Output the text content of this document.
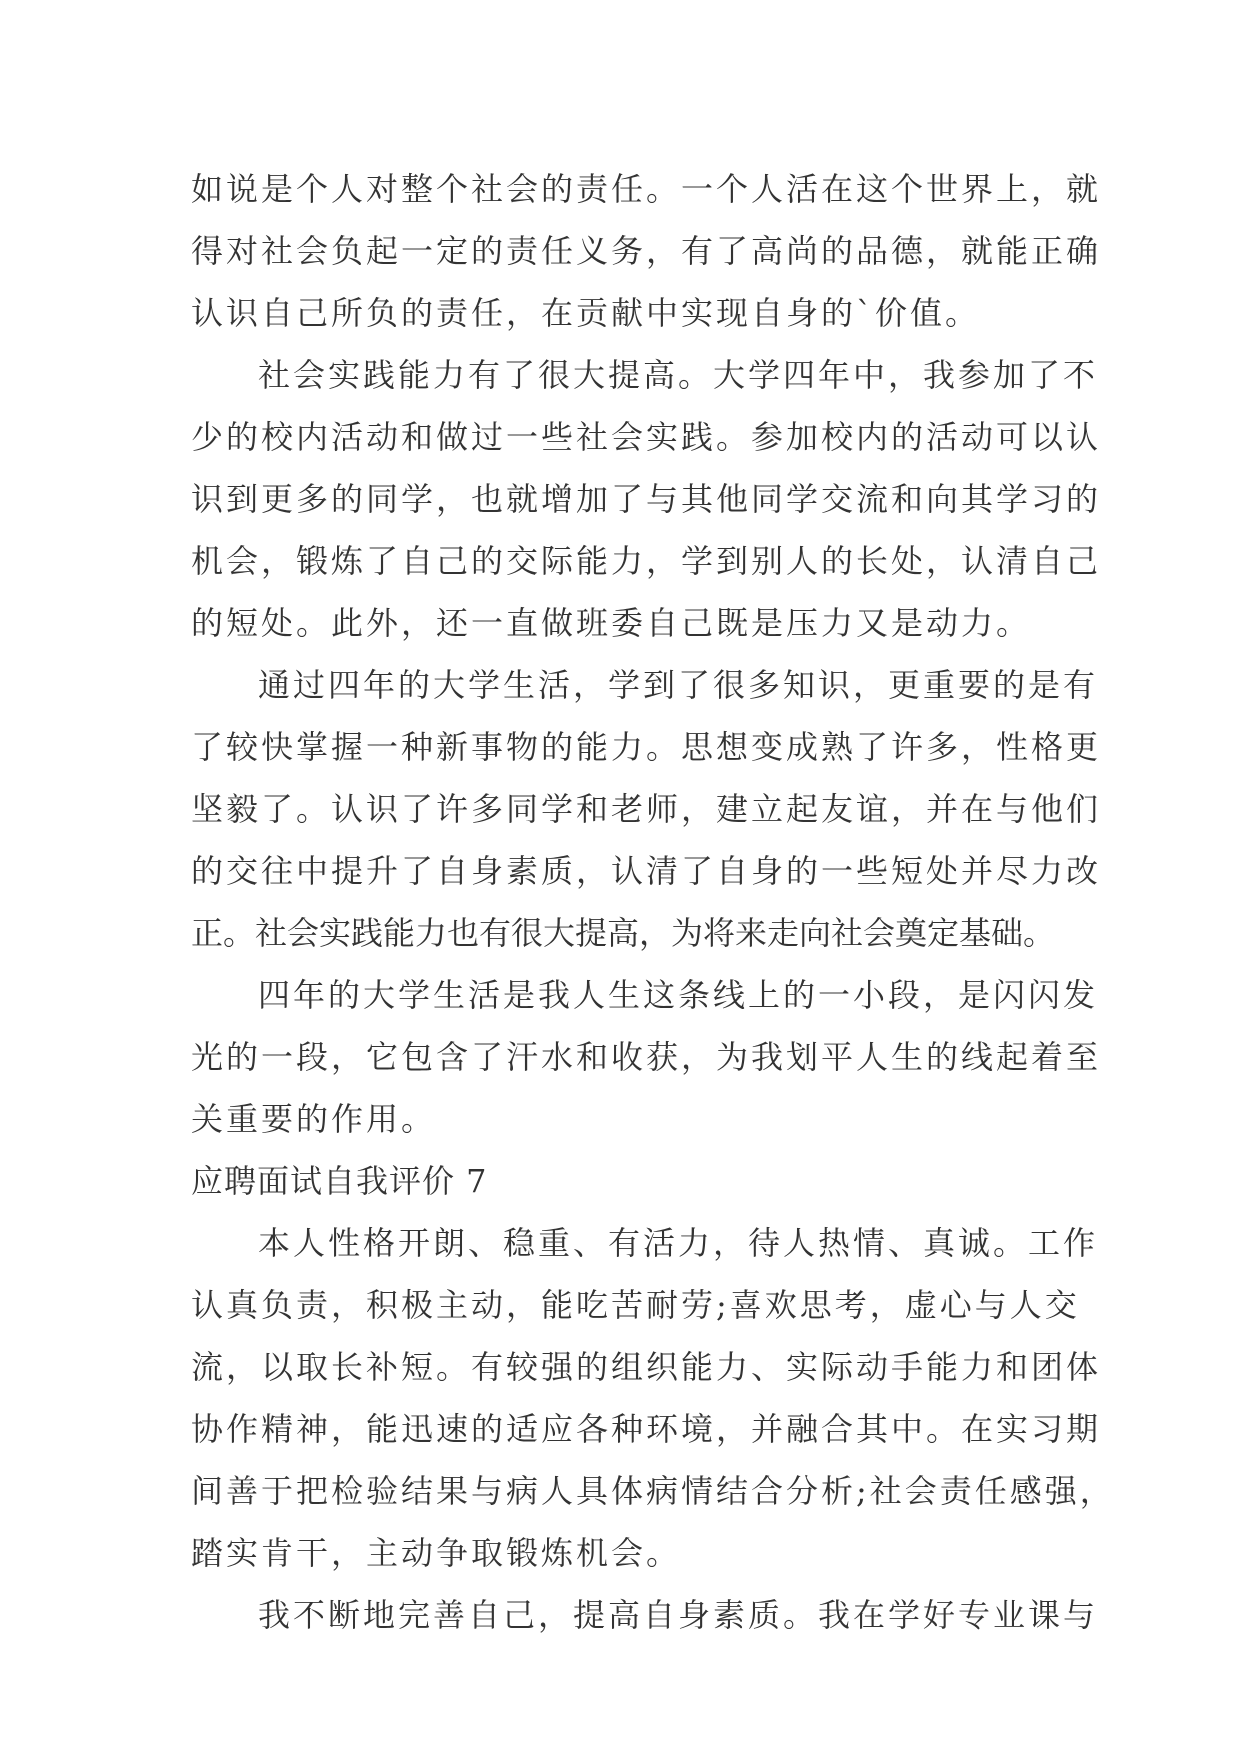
如说是个人对整个社会的责任。一个人活在这个世界上，就
得对社会负起一定的责任义务，有了高尚的品德，就能正确
认识自己所负的责任，在贡献中实现自身的`价值。
社会实践能力有了很大提高。大学四年中，我参加了不
少的校内活动和做过一些社会实践。参加校内的活动可以认
识到更多的同学，也就增加了与其他同学交流和向其学习的
机会，锻炼了自己的交际能力，学到别人的长处，认清自己
的短处。此外，还一直做班委自己既是压力又是动力。
通过四年的大学生活，学到了很多知识，更重要的是有
了较快掌握一种新事物的能力。思想变成熟了许多，性格更
坚毅了。认识了许多同学和老师，建立起友谊，并在与他们
的交往中提升了自身素质，认清了自身的一些短处并尽力改
正。社会实践能力也有很大提高，为将来走向社会奠定基础。
四年的大学生活是我人生这条线上的一小段，是闪闪发
光的一段，它包含了汗水和收获，为我划平人生的线起着至
关重要的作用。
应聘面试自我评价 7
本人性格开朗、稳重、有活力，待人热情、真诚。工作
认真负责，积极主动，能吃苦耐劳;喜欢思考，虚心与人交
流，以取长补短。有较强的组织能力、实际动手能力和团体
协作精神，能迅速的适应各种环境，并融合其中。在实习期
间善于把检验结果与病人具体病情结合分析;社会责任感强，
踏实肯干，主动争取锻炼机会。
我不断地完善自己，提高自身素质。我在学好专业课与
